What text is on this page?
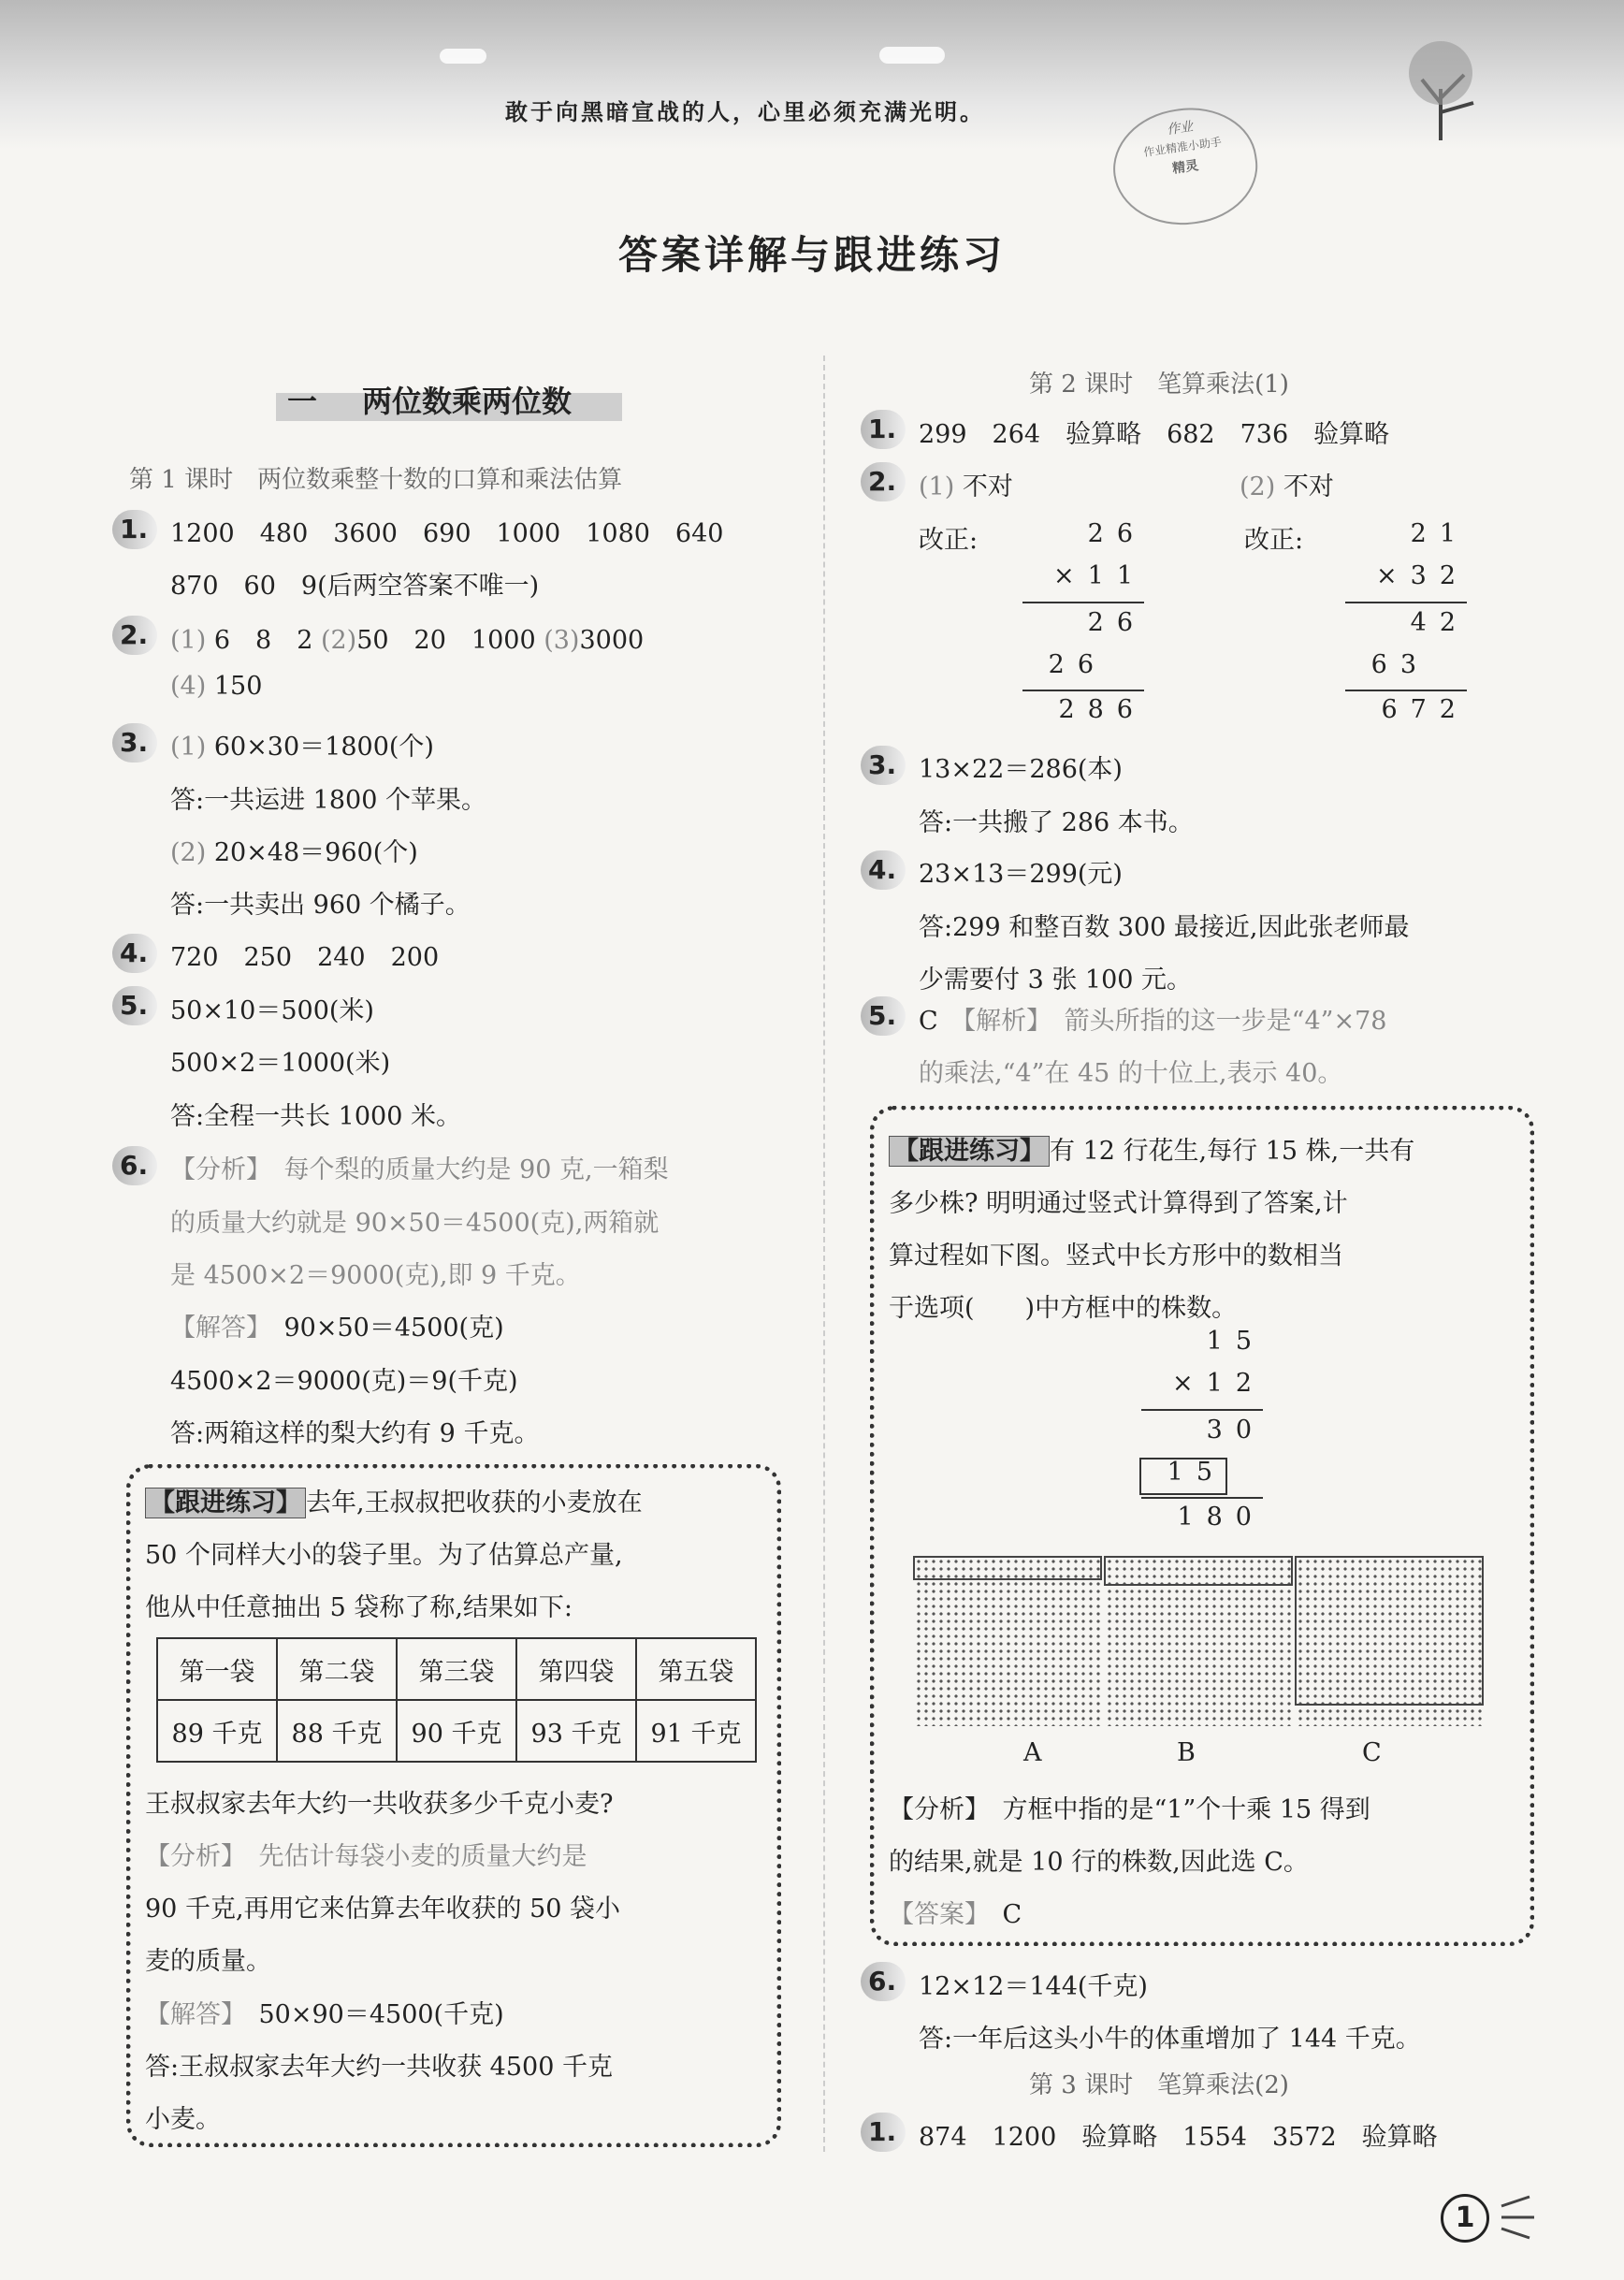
敢于向黑暗宣战的人，心里必须充满光明。
作业
作业精准小助手
精灵
答案详解与跟进练习
一 两位数乘两位数
第 1 课时　两位数乘整十数的口算和乘法估算
1. 1200　480　3600　690　1000　1080　640
870　60　9(后两空答案不唯一)
2. (1) 6　8　2 (2)50　20　1000 (3)3000
(4) 150
3. (1) 60×30＝1800(个)
答:一共运进 1800 个苹果。
(2) 20×48＝960(个)
答:一共卖出 960 个橘子。
4. 720　250　240　200
5. 50×10＝500(米)
500×2＝1000(米)
答:全程一共长 1000 米。
6. 【分析】　每个梨的质量大约是 90 克,一箱梨
的质量大约就是 90×50＝4500(克),两箱就
是 4500×2＝9000(克),即 9 千克。
【解答】　90×50＝4500(克)
4500×2＝9000(克)＝9(千克)
答:两箱这样的梨大约有 9 千克。
【跟进练习】 去年,王叔叔把收获的小麦放在
50 个同样大小的袋子里。为了估算总产量,
他从中任意抽出 5 袋称了称,结果如下:
第一袋	第二袋	第三袋	第四袋	第五袋
89 千克	88 千克	90 千克	93 千克	91 千克
王叔叔家去年大约一共收获多少千克小麦?
【分析】　先估计每袋小麦的质量大约是
90 千克,再用它来估算去年收获的 50 袋小
麦的质量。
【解答】　50×90＝4500(千克)
答:王叔叔家去年大约一共收获 4500 千克
小麦。
第 2 课时　笔算乘法(1)
1. 299　264　验算略　682　736　验算略
2. (1) 不对	(2) 不对
改正:	改正:
26
×11
26
26
286
21
×32
42
63
672
3. 13×22＝286(本)
答:一共搬了 286 本书。
4. 23×13＝299(元)
答:299 和整百数 300 最接近,因此张老师最
少需要付 3 张 100 元。
5. C　 【解析】　箭头所指的这一步是“4”×78
的乘法,“4”在 45 的十位上,表示 40。
【跟进练习】 有 12 行花生,每行 15 株,一共有
多少株? 明明通过竖式计算得到了答案,计
算过程如下图。竖式中长方形中的数相当
于选项(　　)中方框中的株数。
15
×12
30
15
180
A	B	C
【分析】　方框中指的是“1”个十乘 15 得到
的结果,就是 10 行的株数,因此选 C。
【答案】　C
6. 12×12＝144(千克)
答:一年后这头小牛的体重增加了 144 千克。
第 3 课时　笔算乘法(2)
1. 874　1200　验算略　1554　3572　验算略
1
